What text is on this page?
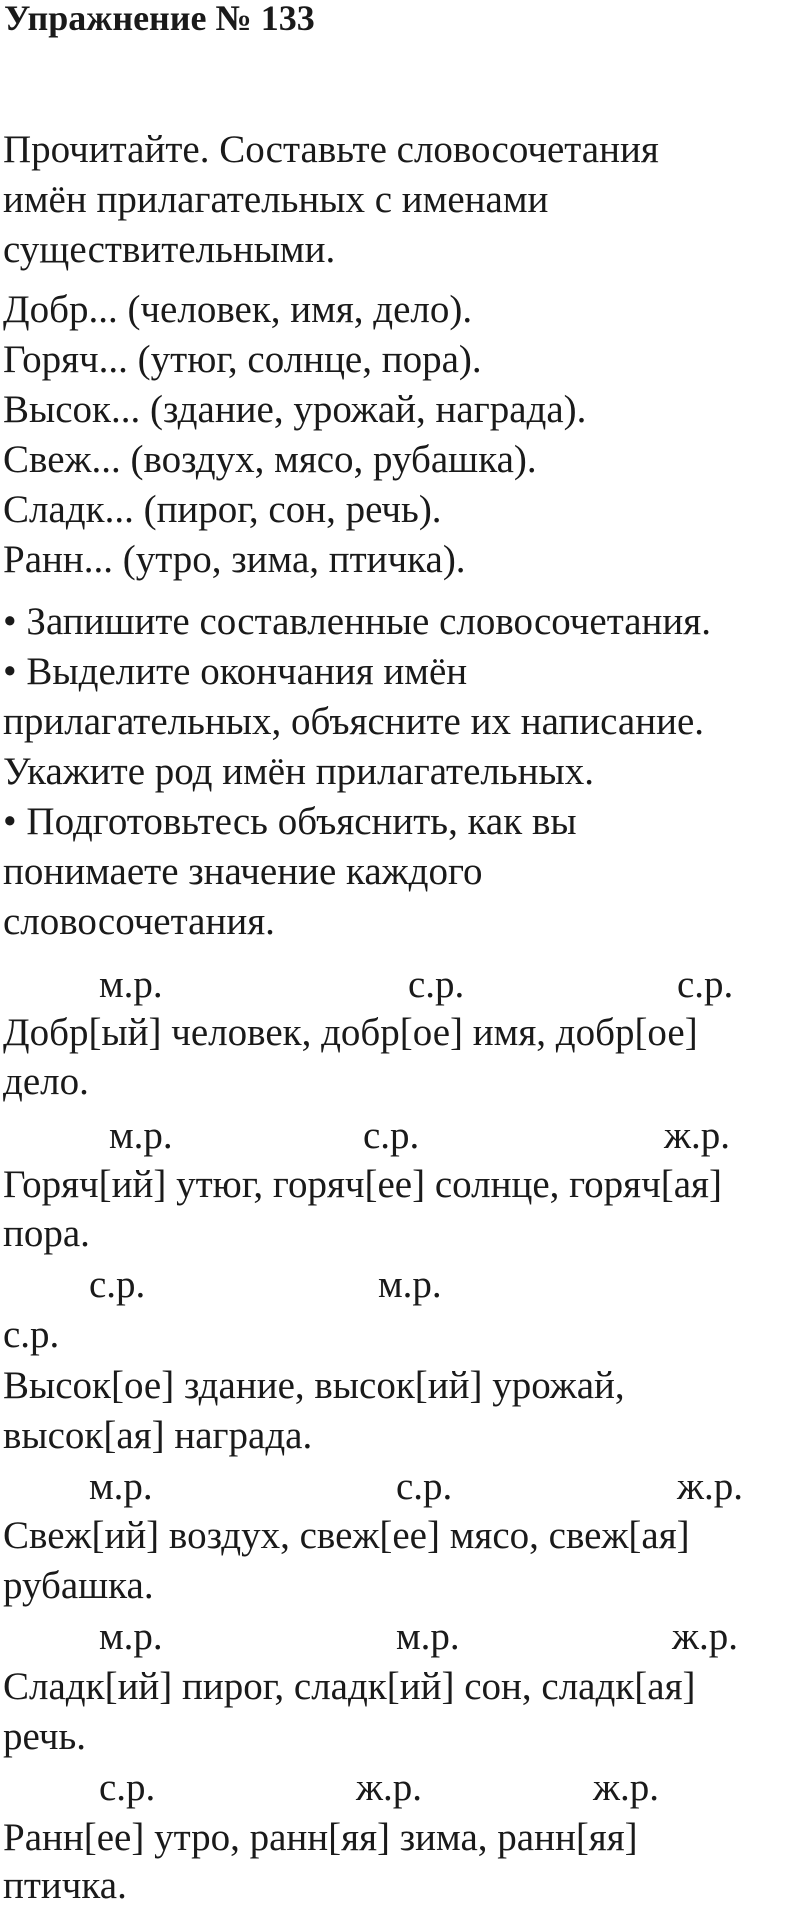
Упражнение № 133
Прочитайте. Составьте словосочетания
имён прилагательных с именами
существительными.
Добр... (человек, имя, дело).
Горяч... (утюг, солнце, пора).
Высок... (здание, урожай, награда).
Свеж... (воздух, мясо, рубашка).
Сладк... (пирог, сон, речь).
Ранн... (утро, зима, птичка).
• Запишите составленные словосочетания.
• Выделите окончания имён
прилагательных, объясните их написание.
Укажите род имён прилагательных.
• Подготовьтесь объяснить, как вы
понимаете значение каждого
словосочетания.
м.р.	с.р.	с.р.
Добр[ый] человек, добр[ое] имя, добр[ое]
дело.
м.р.	с.р.	ж.р.
Горяч[ий] утюг, горяч[ее] солнце, горяч[ая]
пора.
с.р.	м.р.
с.р.
Высок[ое] здание, высок[ий] урожай,
высок[ая] награда.
м.р.	с.р.	ж.р.
Свеж[ий] воздух, свеж[ее] мясо, свеж[ая]
рубашка.
м.р.	м.р.	ж.р.
Сладк[ий] пирог, сладк[ий] сон, сладк[ая]
речь.
с.р.	ж.р.	ж.р.
Ранн[ее] утро, ранн[яя] зима, ранн[яя]
птичка.
